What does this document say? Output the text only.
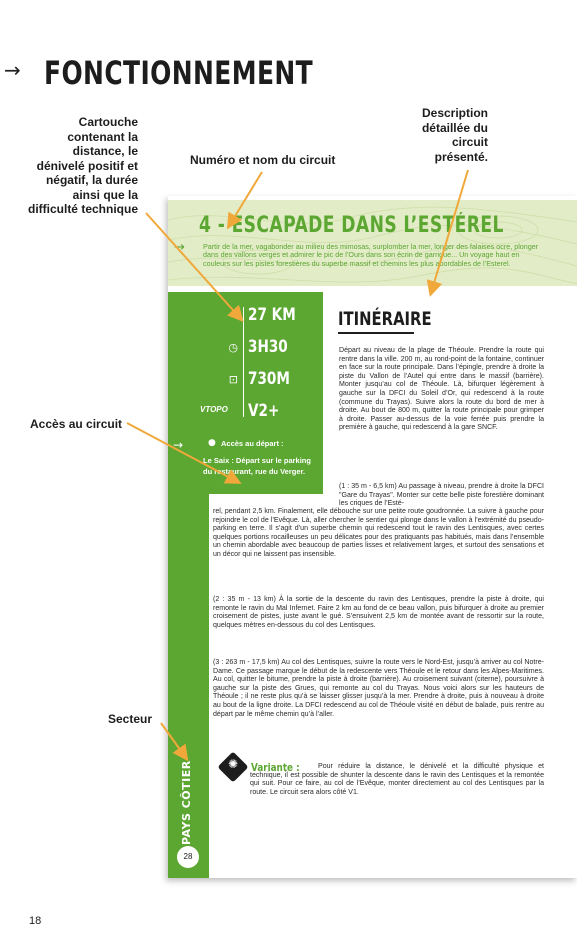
→ FONCTIONNEMENT
Cartouche contenant la distance, le dénivelé positif et négatif, la durée ainsi que la difficulté technique
Numéro et nom du circuit
Description détaillée du circuit présenté.
Accès au circuit
Secteur
4 - ESCAPADE DANS L’ESTÉREL
→	Partir de la mer, vagabonder au milieu des mimosas, surplomber la mer, longer des falaises ocre, plonger dans des vallons verges et admirer le pic de l’Ours dans son écrin de garrigue... Un voyage haut en couleurs sur les pistes forestières du superbe massif et chemins les plus abordables de l’Esterel.
↔ 27 KM
◷ 3H30
⊡ 730M
VTOPO V2+
→	● Accès au départ :
Le Saix : Départ sur le parking du restaurant, rue du Verger.
ITINÉRAIRE
Départ au niveau de la plage de Théoule. Prendre la route qui rentre dans la ville. 200 m, au rond-point de la fontaine, continuer en face sur la route principale. Dans l’épingle, prendre à droite la piste du Vallon de l’Autel qui entre dans le massif (barrière). Monter jusqu’au col de Théoule. Là, bifurquer légèrement à gauche sur la DFCI du Soleil d’Or, qui redescend à la route (commune du Trayas). Suivre alors la route du bord de mer à droite. Au bout de 800 m, quitter la route principale pour grimper à droite. Passer au-dessus de la voie ferrée puis prendre la première à gauche, qui redescend à la gare SNCF.
(1 : 35 m - 6,5 km) Au passage à niveau, prendre à droite la DFCI "Gare du Trayas". Monter sur cette belle piste forestière dominant les criques de l’Esté-
rel, pendant 2,5 km. Finalement, elle débouche sur une petite route goudronnée. La suivre à gauche pour rejoindre le col de l’Evêque. Là, aller chercher le sentier qui plonge dans le vallon à l’extrémité du pseudo-parking en terre. Il s’agit d’un superbe chemin qui redescend tout le ravin des Lentisques, avec certes quelques portions rocailleuses un peu délicates pour des pratiquants pas habitués, mais dans l’ensemble un chemin abordable avec beaucoup de parties lisses et relativement larges, et surtout des sensations et un décor qui ne laissent pas insensible.
(2 : 35 m - 13 km) À la sortie de la descente du ravin des Lentisques, prendre la piste à droite, qui remonte le ravin du Mal Infernet. Faire 2 km au fond de ce beau vallon, puis bifurquer à droite au premier croisement de pistes, juste avant le gué. S’ensuivent 2,5 km de montée avant de ressortir sur la route, quelques mètres en-dessous du col des Lentisques.
(3 : 263 m - 17,5 km) Au col des Lentisques, suivre la route vers le Nord-Est, jusqu’à arriver au col Notre-Dame. Ce passage marque le début de la redescente vers Théoule et le retour dans les Alpes-Maritimes. Au col, quitter le bitume, prendre la piste à droite (barrière). Au croisement suivant (citerne), poursuivre à gauche sur la piste des Grues, qui remonte au col du Trayas. Nous voici alors sur les hauteurs de Théoule ; il ne reste plus qu’à se laisser glisser jusqu’à la mer. Prendre à droite, puis à nouveau à droite au bout de la ligne droite. La DFCI redescend au col de Théoule visité en début de balade, puis rentre au départ par le même chemin qu’à l’aller.
✺	Variante :	Pour réduire la distance, le dénivelé et la difficulté physique et technique, il est possible de shunter la descente dans le ravin des Lentisques et la remontée qui suit. Pour ce faire, au col de l’Evêque, monter directement au col des Lentisques par la route. Le circuit sera alors côté V1.
PAYS CÔTIER
28
18
